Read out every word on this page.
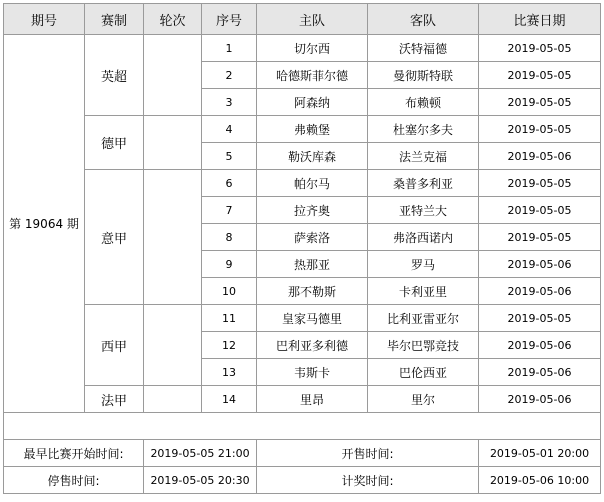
期号	赛制	轮次	序号	主队	客队	比赛日期
第 19064 期	英超		1	切尔西	沃特福德	2019-05-05
			2	哈德斯菲尔德	曼彻斯特联	2019-05-05
			3	阿森纳	布赖顿	2019-05-05
	德甲		4	弗赖堡	杜塞尔多夫	2019-05-05
			5	勒沃库森	法兰克福	2019-05-06
	意甲		6	帕尔马	桑普多利亚	2019-05-05
			7	拉齐奥	亚特兰大	2019-05-05
			8	萨索洛	弗洛西诺内	2019-05-05
			9	热那亚	罗马	2019-05-06
			10	那不勒斯	卡利亚里	2019-05-06
	西甲		11	皇家马德里	比利亚雷亚尔	2019-05-05
			12	巴利亚多利德	毕尔巴鄂竞技	2019-05-06
			13	韦斯卡	巴伦西亚	2019-05-06
	法甲		14	里昂	里尔	2019-05-06

最早比赛开始时间:		2019-05-05 21:00		开售时间:		2019-05-01 20:00
停售时间:		2019-05-05 20:30		计奖时间:		2019-05-06 10:00
